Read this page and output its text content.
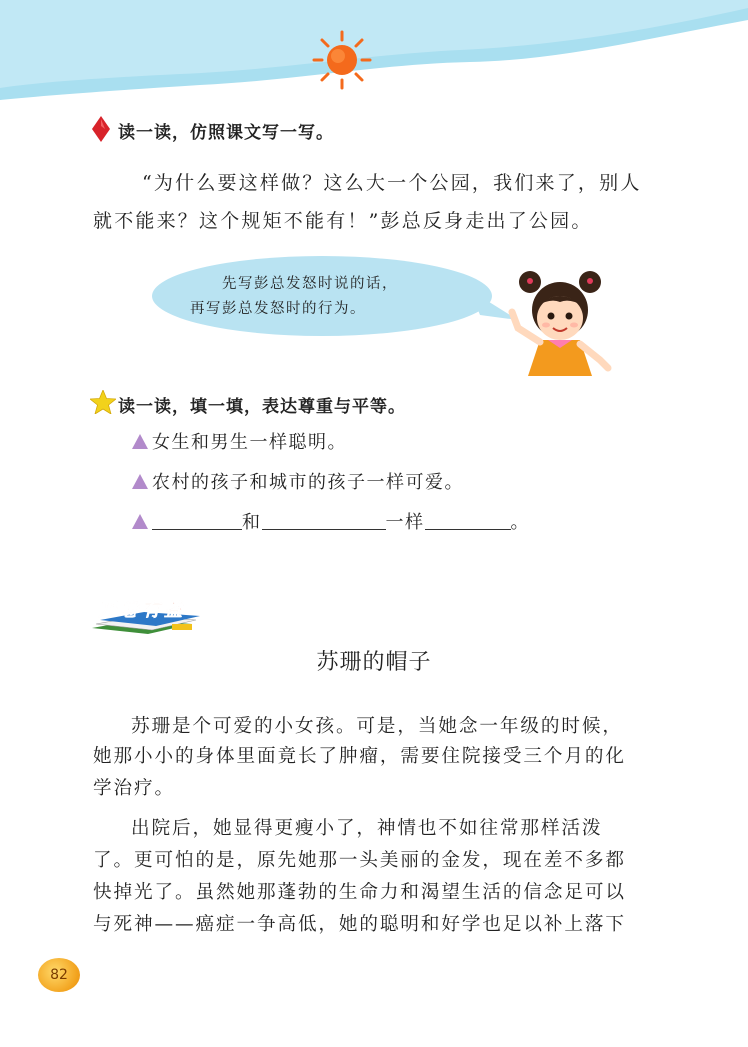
读一读，仿照课文写一写。
“为什么要这样做？这么大一个公园，我们来了，别人
就不能来？这个规矩不能有！”彭总反身走出了公园。
先写彭总发怒时说的话，
再写彭总发怒时的行为。
读一读，填一填，表达尊重与平等。
女生和男生一样聪明。
农村的孩子和城市的孩子一样可爱。
和	一样	。
开卷有益
苏珊的帽子
苏珊是个可爱的小女孩。可是，当她念一年级的时候，
她那小小的身体里面竟长了肿瘤，需要住院接受三个月的化
学治疗。
出院后，她显得更瘦小了，神情也不如往常那样活泼
了。更可怕的是，原先她那一头美丽的金发，现在差不多都
快掉光了。虽然她那蓬勃的生命力和渴望生活的信念足可以
与死神——癌症一争高低，她的聪明和好学也足以补上落下
82
